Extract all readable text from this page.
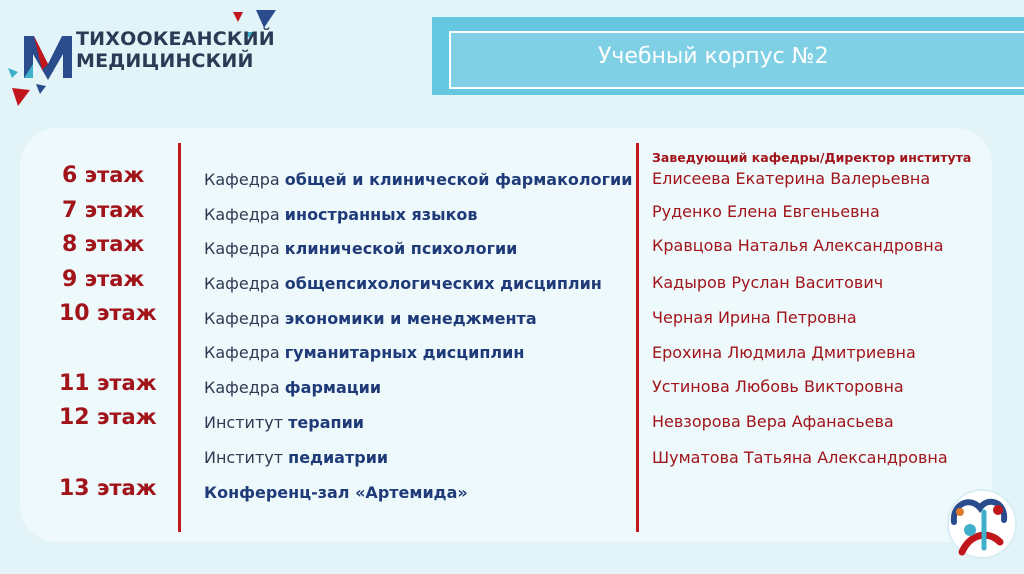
ТИХООКЕАНСКИЙ
МЕДИЦИНСКИЙ	Учебный корпус №2
6 этаж
7 этаж
8 этаж
9 этаж
10 этаж
11 этаж
12 этаж
13 этаж
Кафедра общей и клинической фармакологии
Кафедра иностранных языков
Кафедра клинической психологии
Кафедра общепсихологических дисциплин
Кафедра экономики и менеджмента
Кафедра гуманитарных дисциплин
Кафедра фармации
Институт терапии
Институт педиатрии
Конференц-зал «Артемида»
Заведующий кафедры/Директор института
Елисеева Екатерина Валерьевна
Руденко Елена Евгеньевна
Кравцова Наталья Александровна
Кадыров Руслан Васитович
Черная Ирина Петровна
Ерохина Людмила Дмитриевна
Устинова Любовь Викторовна
Невзорова Вера Афанасьева
Шуматова Татьяна Александровна
